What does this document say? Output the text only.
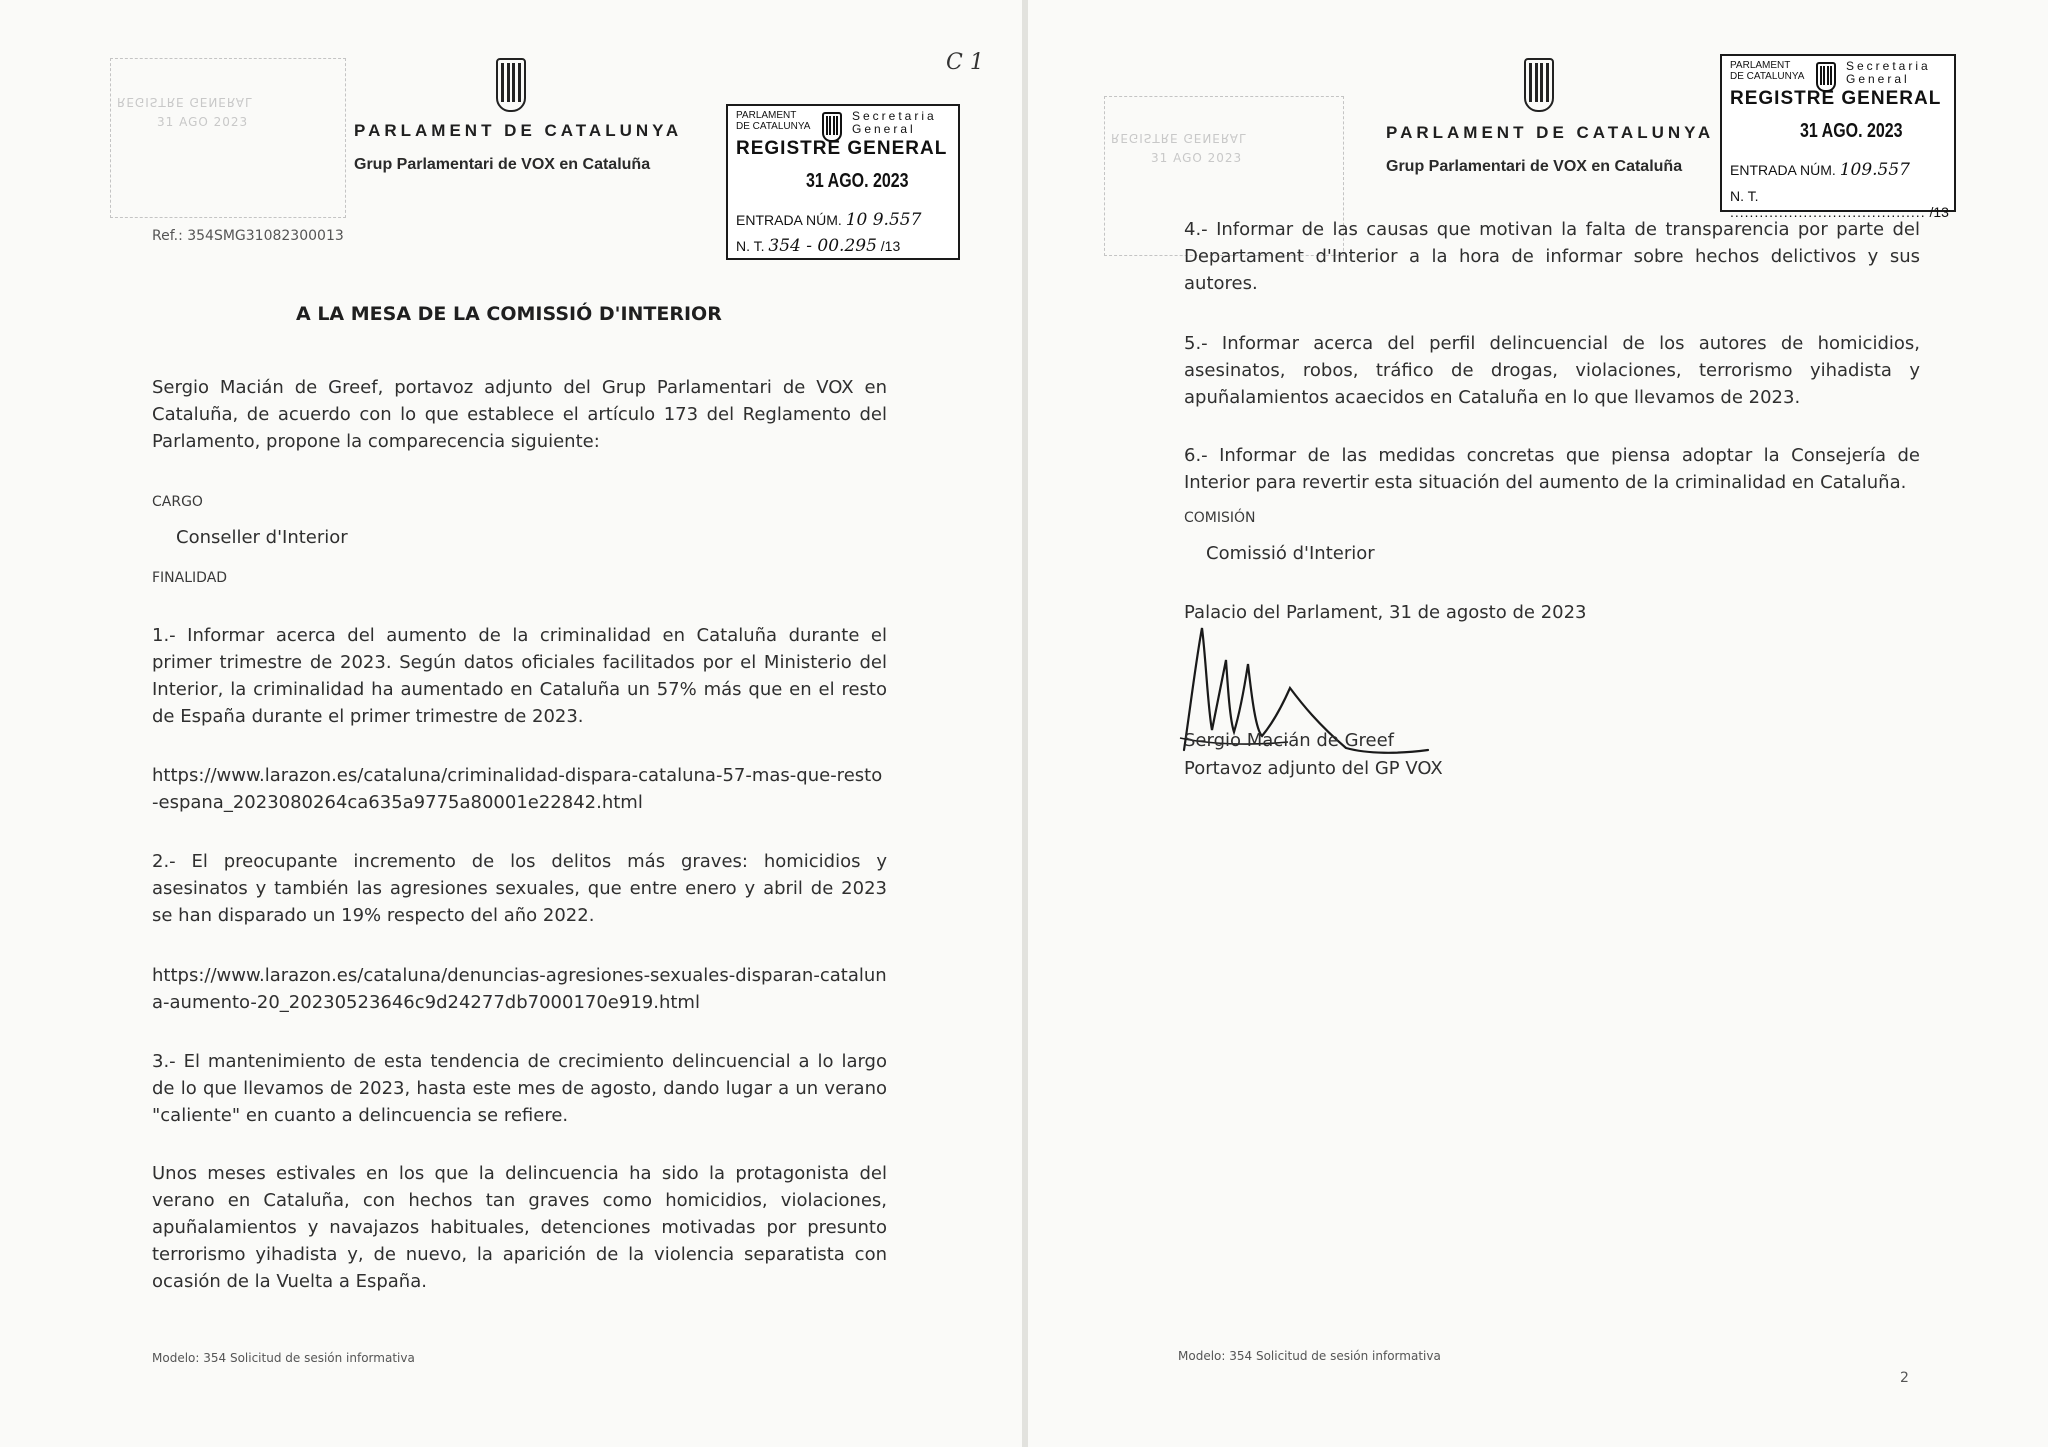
REGISTRE GENERAL
31 AGO 2023	PARLAMENT DE CATALUNYA
Grup Parlamentari de VOX en Cataluña
Ref.: 354SMG31082300013
C 1
PARLAMENT
DE CATALUNYA
Secretaria
General
REGISTRE GENERAL
31 AGO. 2023
ENTRADA NÚM. 10 9.557
N. T. 354 - 00.295 /13
A LA MESA DE LA COMISSIÓ D'INTERIOR
Sergio Macián de Greef, portavoz adjunto del Grup Parlamentari de VOX en Cataluña, de acuerdo con lo que establece el artículo 173 del Reglamento del Parlamento, propone la comparecencia siguiente:
CARGO
Conseller d'Interior
FINALIDAD
1.- Informar acerca del aumento de la criminalidad en Cataluña durante el primer trimestre de 2023. Según datos oficiales facilitados por el Ministerio del Interior, la criminalidad ha aumentado en Cataluña un 57% más que en el resto de España durante el primer trimestre de 2023.
https://www.larazon.es/cataluna/criminalidad-dispara-cataluna-57-mas-que-resto-espana_2023080264ca635a9775a80001e22842.html
2.- El preocupante incremento de los delitos más graves: homicidios y asesinatos y también las agresiones sexuales, que entre enero y abril de 2023 se han disparado un 19% respecto del año 2022.
https://www.larazon.es/cataluna/denuncias-agresiones-sexuales-disparan-cataluna-aumento-20_20230523646c9d24277db7000170e919.html
3.- El mantenimiento de esta tendencia de crecimiento delincuencial a lo largo de lo que llevamos de 2023, hasta este mes de agosto, dando lugar a un verano "caliente" en cuanto a delincuencia se refiere.
Unos meses estivales en los que la delincuencia ha sido la protagonista del verano en Cataluña, con hechos tan graves como homicidios, violaciones, apuñalamientos y navajazos habituales, detenciones motivadas por presunto terrorismo yihadista y, de nuevo, la aparición de la violencia separatista con ocasión de la Vuelta a España.
Modelo: 354 Solicitud de sesión informativa
REGISTRE GENERAL
31 AGO 2023
PARLAMENT DE CATALUNYA
Grup Parlamentari de VOX en Cataluña
PARLAMENT
DE CATALUNYA
Secretaria
General
REGISTRE GENERAL
31 AGO. 2023
ENTRADA NÚM. 109.557
N. T. ........................................ /13
4.- Informar de las causas que motivan la falta de transparencia por parte del Departament d'Interior a la hora de informar sobre hechos delictivos y sus autores.
5.- Informar acerca del perfil delincuencial de los autores de homicidios, asesinatos, robos, tráfico de drogas, violaciones, terrorismo yihadista y apuñalamientos acaecidos en Cataluña en lo que llevamos de 2023.
6.- Informar de las medidas concretas que piensa adoptar la Consejería de Interior para revertir esta situación del aumento de la criminalidad en Cataluña.
COMISIÓN
Comissió d'Interior
Palacio del Parlament, 31 de agosto de 2023
Sergio Macián de Greef
Portavoz adjunto del GP VOX
Modelo: 354 Solicitud de sesión informativa
2
